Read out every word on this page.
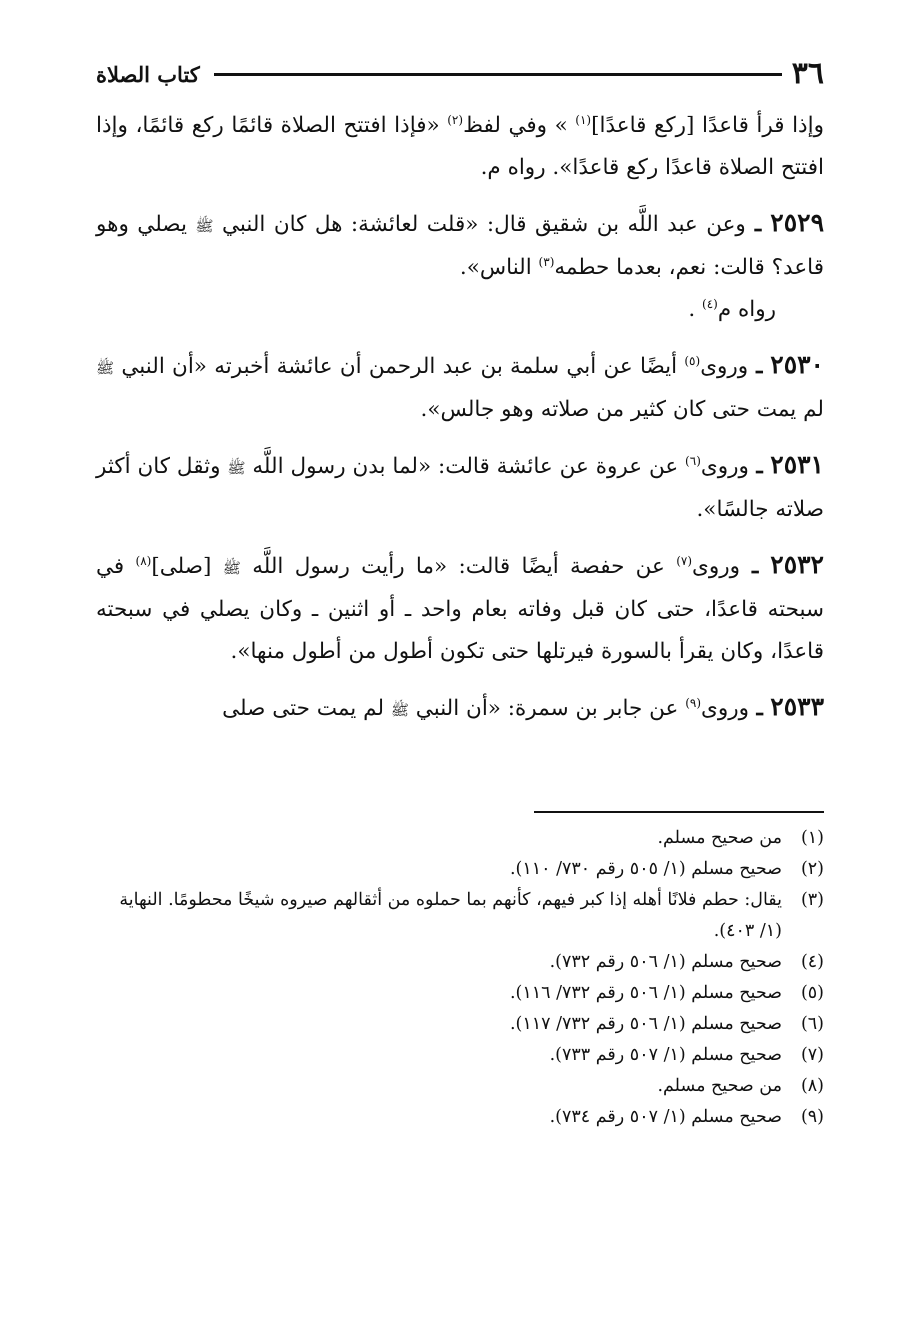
٣٦
كتاب الصلاة

وإذا قرأ قاعدًا [ركع قاعدًا]$^{(١)}$ » وفي لفظ$^{(٢)}$ «فإذا افتتح الصلاة قائمًا ركع قائمًا، وإذا افتتح الصلاة قاعدًا ركع قاعدًا». رواه م.

٢٥٢٩ ـ وعن عبد اللَّه بن شقيق قال: «قلت لعائشة: هل كان النبي ﷺ يصلي وهو قاعد؟ قالت: نعم، بعدما حطمه$^{(٣)}$ الناس».

رواه م$^{(٤)}$ .

٢٥٣٠ ـ وروى$^{(٥)}$ أيضًا عن أبي سلمة بن عبد الرحمن أن عائشة أخبرته «أن النبي ﷺ لم يمت حتى كان كثير من صلاته وهو جالس».

٢٥٣١ ـ وروى$^{(٦)}$ عن عروة عن عائشة قالت: «لما بدن رسول اللَّه ﷺ وثقل كان أكثر صلاته جالسًا».

٢٥٣٢ ـ وروى$^{(٧)}$ عن حفصة أيضًا قالت: «ما رأيت رسول اللَّه ﷺ [صلى]$^{(٨)}$ في سبحته قاعدًا، حتى كان قبل وفاته بعام واحد ـ أو اثنين ـ وكان يصلي في سبحته قاعدًا، وكان يقرأ بالسورة فيرتلها حتى تكون أطول من أطول منها».

٢٥٣٣ ـ وروى$^{(٩)}$ عن جابر بن سمرة: «أن النبي ﷺ لم يمت حتى صلى

(١)من صحيح مسلم.

(٢)صحيح مسلم (١/ ٥٠٥ رقم ٧٣٠/ ١١٠).

(٣)يقال: حطم فلانًا أهله إذا كبر فيهم، كأنهم بما حملوه من أثقالهم صيروه شيخًا محطومًا. النهاية (١/ ٤٠٣).

(٤)صحيح مسلم (١/ ٥٠٦ رقم ٧٣٢).

(٥)صحيح مسلم (١/ ٥٠٦ رقم ٧٣٢/ ١١٦).

(٦)صحيح مسلم (١/ ٥٠٦ رقم ٧٣٢/ ١١٧).

(٧)صحيح مسلم (١/ ٥٠٧ رقم ٧٣٣).

(٨)من صحيح مسلم.

(٩)صحيح مسلم (١/ ٥٠٧ رقم ٧٣٤).
